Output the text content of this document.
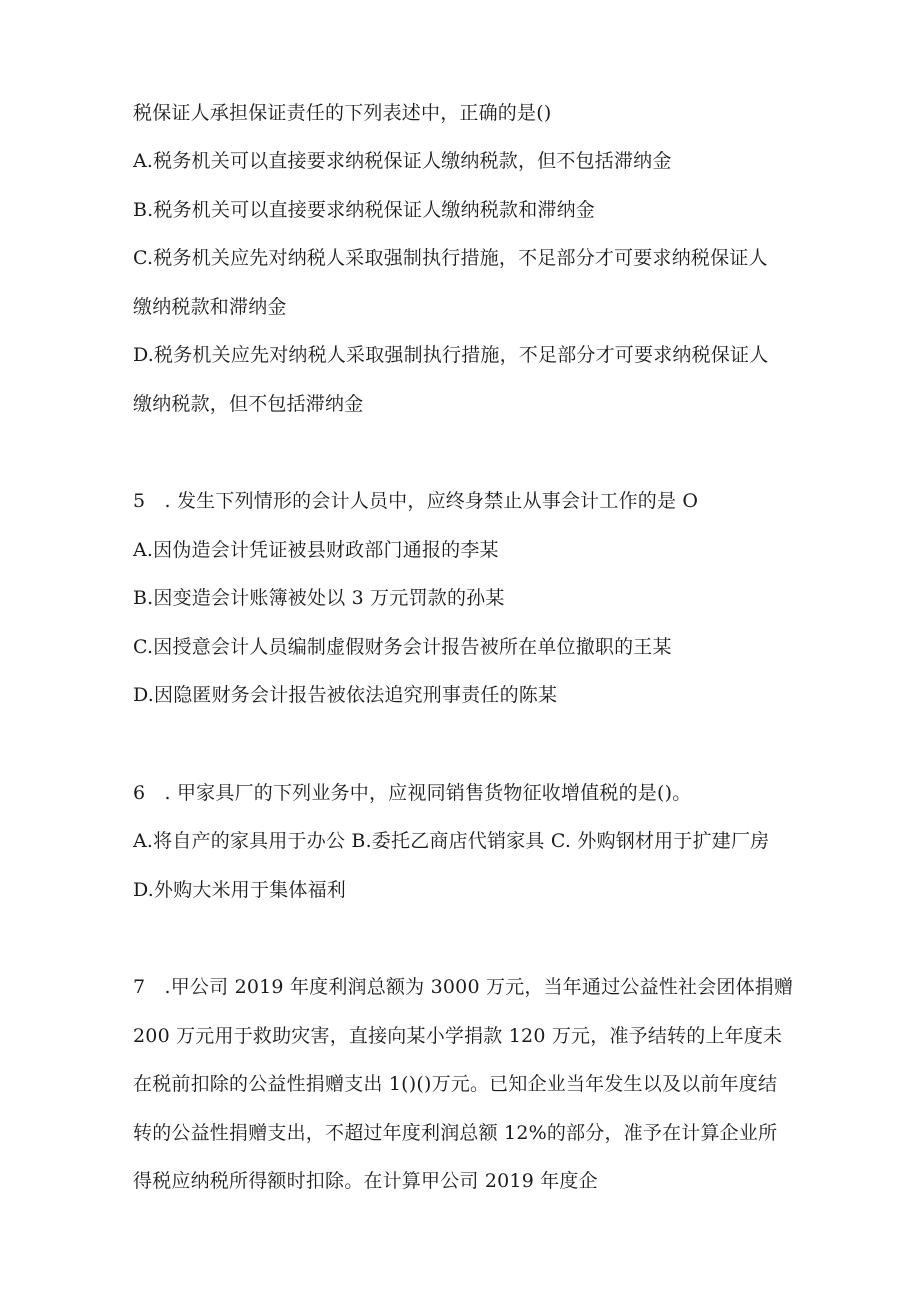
税保证人承担保证责任的下列表述中，正确的是()
A.税务机关可以直接要求纳税保证人缴纳税款，但不包括滞纳金
B.税务机关可以直接要求纳税保证人缴纳税款和滞纳金
C.税务机关应先对纳税人采取强制执行措施，不足部分才可要求纳税保证人
缴纳税款和滞纳金
D.税务机关应先对纳税人采取强制执行措施，不足部分才可要求纳税保证人
缴纳税款，但不包括滞纳金
5　. 发生下列情形的会计人员中，应终身禁止从事会计工作的是 O
A.因伪造会计凭证被县财政部门通报的李某
B.因变造会计账簿被处以 3 万元罚款的孙某
C.因授意会计人员编制虚假财务会计报告被所在单位撤职的王某
D.因隐匿财务会计报告被依法追究刑事责任的陈某
6　. 甲家具厂的下列业务中，应视同销售货物征收增值税的是()。
A.将自产的家具用于办公 B.委托乙商店代销家具 C. 外购钢材用于扩建厂房
D.外购大米用于集体福利
7　.甲公司 2019 年度利润总额为 3000 万元，当年通过公益性社会团体捐赠
200 万元用于救助灾害，直接向某小学捐款 120 万元，准予结转的上年度未
在税前扣除的公益性捐赠支出 1()()万元。已知企业当年发生以及以前年度结
转的公益性捐赠支出，不超过年度利润总额 12%的部分，准予在计算企业所
得税应纳税所得额时扣除。在计算甲公司 2019 年度企
